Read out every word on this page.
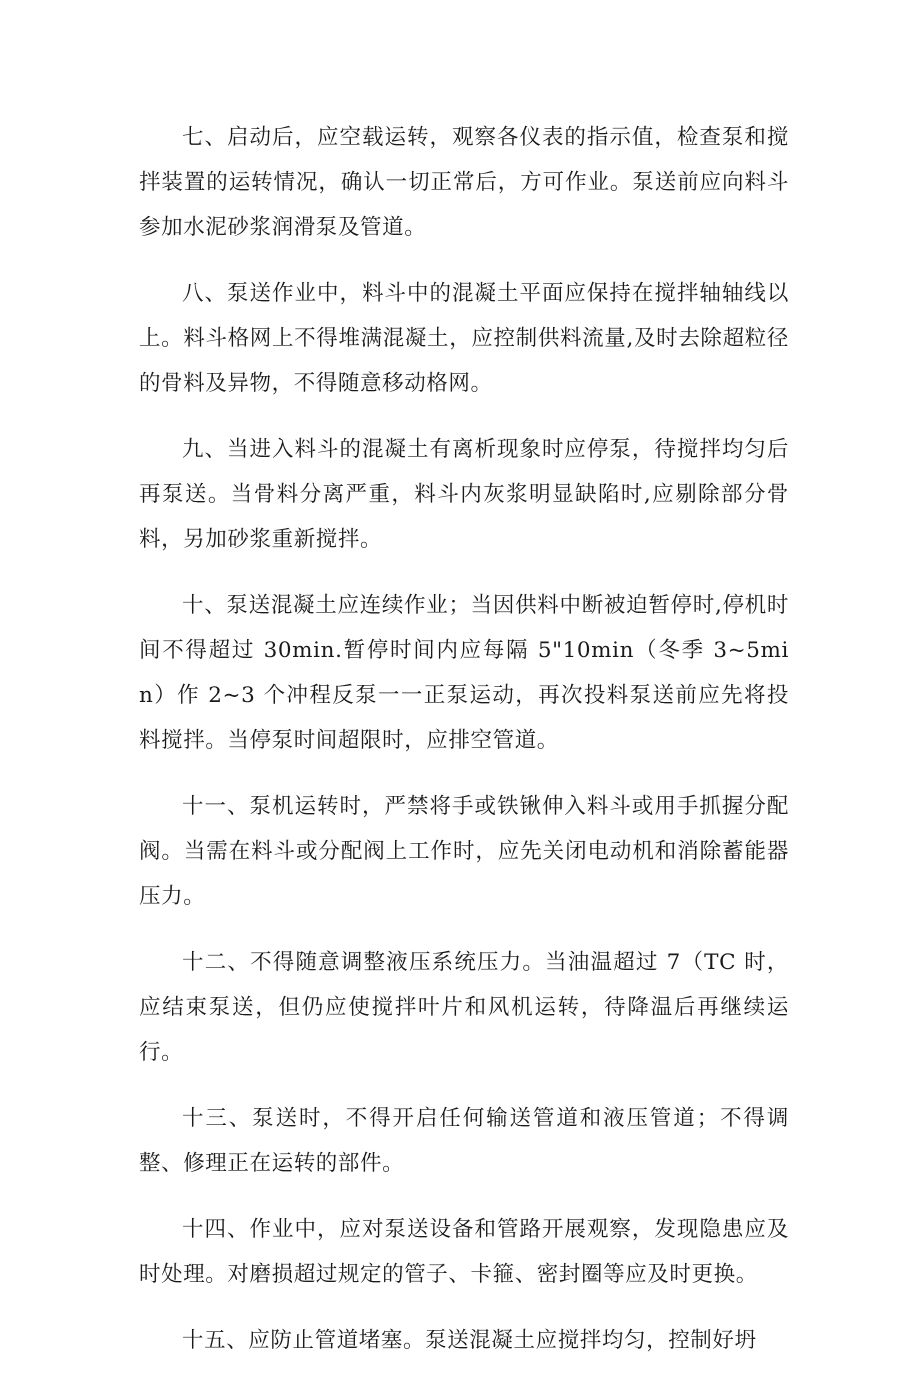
七、启动后，应空载运转，观察各仪表的指示值，检查泵和搅拌装置的运转情况，确认一切正常后，方可作业。泵送前应向料斗参加水泥砂浆润滑泵及管道。

八、泵送作业中，料斗中的混凝土平面应保持在搅拌轴轴线以上。料斗格网上不得堆满混凝土，应控制供料流量,及时去除超粒径的骨料及异物，不得随意移动格网。

九、当进入料斗的混凝土有离析现象时应停泵，待搅拌均匀后再泵送。当骨料分离严重，料斗内灰浆明显缺陷时,应剔除部分骨料，另加砂浆重新搅拌。

十、泵送混凝土应连续作业；当因供料中断被迫暂停时,停机时间不得超过 30min.暂停时间内应每隔 5"10min（冬季 3~5min）作 2~3 个冲程反泵一一正泵运动，再次投料泵送前应先将投料搅拌。当停泵时间超限时，应排空管道。

十一、泵机运转时，严禁将手或铁锹伸入料斗或用手抓握分配阀。当需在料斗或分配阀上工作时，应先关闭电动机和消除蓄能器压力。

十二、不得随意调整液压系统压力。当油温超过 7（TC 时，应结束泵送，但仍应使搅拌叶片和风机运转，待降温后再继续运行。

十三、泵送时，不得开启任何输送管道和液压管道；不得调整、修理正在运转的部件。

十四、作业中，应对泵送设备和管路开展观察，发现隐患应及时处理。对磨损超过规定的管子、卡箍、密封圈等应及时更换。

十五、应防止管道堵塞。泵送混凝土应搅拌均匀，控制好坍
